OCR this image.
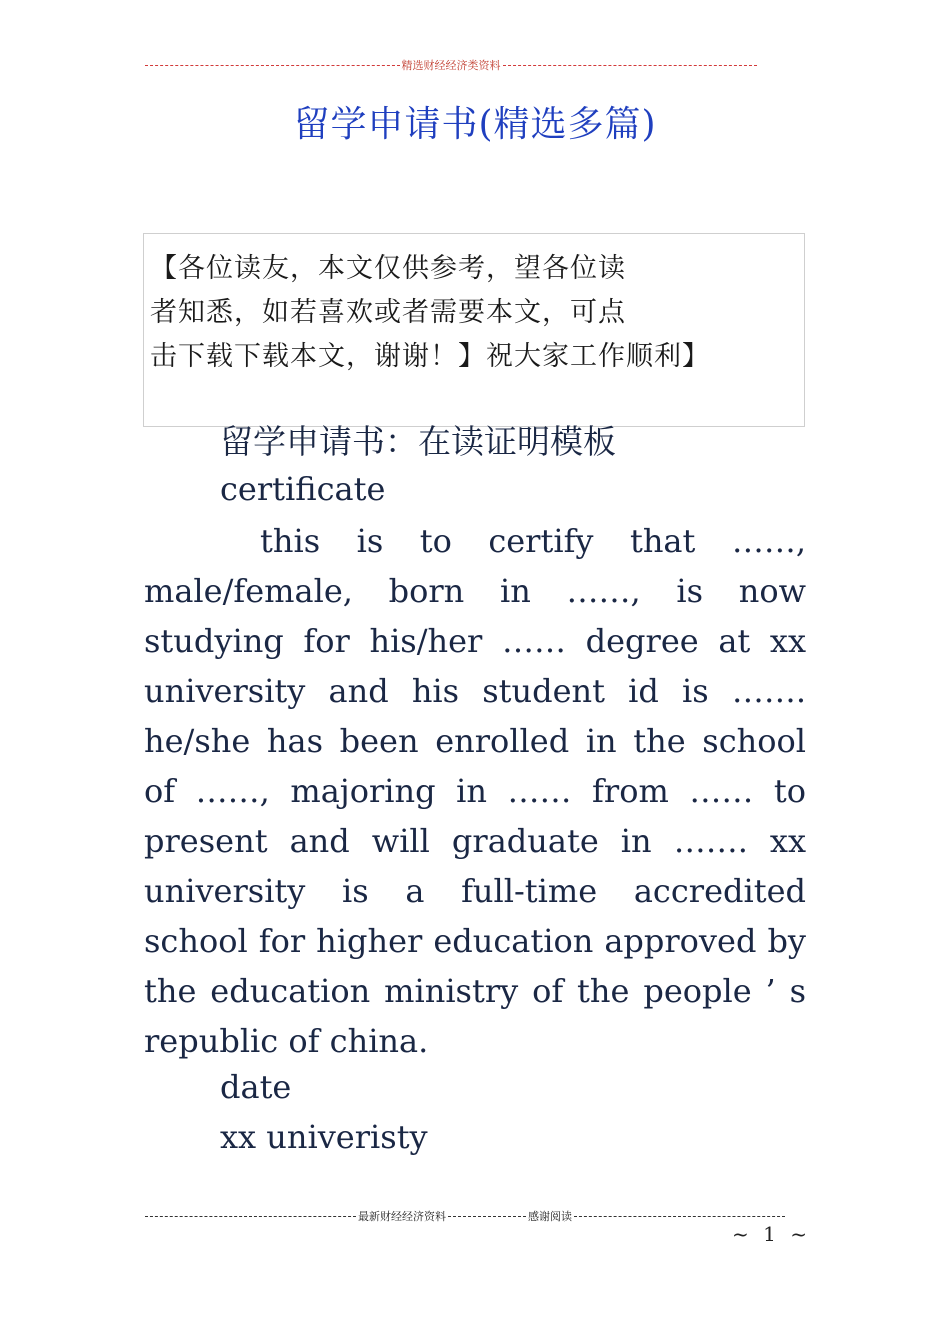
精选财经经济类资料
留学申请书(精选多篇)

【各位读友，本文仅供参考，望各位读

者知悉，如若喜欢或者需要本文，可点

击下载下载本文，谢谢！】祝大家工作顺利】

留学申请书：在读证明模板
certificate
this is to certify that ……, male/female, born in ……, is now studying for his/her …… degree at xx university and his student id is ……. he/she has been enrolled in the school of ……, majoring in …… from …… to present and will graduate in ……. xx university is a full-time accredited school for higher education approved by the education ministry of the people ’ s republic of china.
date
xx univeristy
最新财经经济资料	感谢阅读
~ 1 ~
